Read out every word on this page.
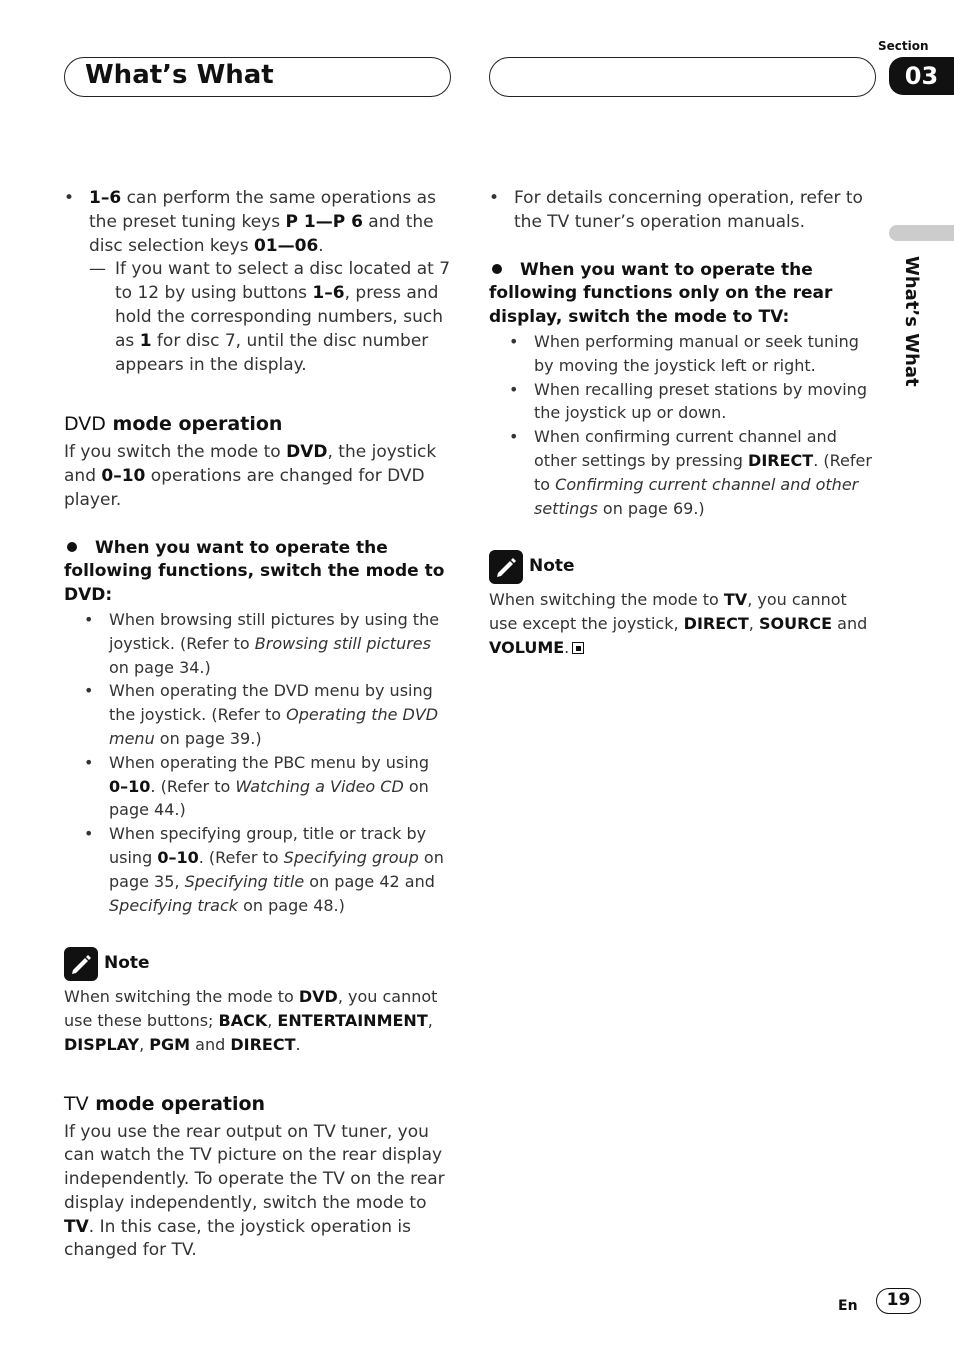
What’s What
Section
03
What’s What

• 1–6 can perform the same operations as the preset tuning keys P 1—P 6 and the disc selection keys 01—06.

— If you want to select a disc located at 7 to 12 by using buttons 1–6, press and hold the corresponding numbers, such as 1 for disc 7, until the disc number appears in the display.

DVD mode operation

If you switch the mode to DVD, the joystick and 0–10 operations are changed for DVD player.

When you want to operate the following functions, switch the mode to DVD:

• When browsing still pictures by using the joystick. (Refer to Browsing still pictures on page 34.)

• When operating the DVD menu by using the joystick. (Refer to Operating the DVD menu on page 39.)

• When operating the PBC menu by using 0–10. (Refer to Watching a Video CD on page 44.)

• When specifying group, title or track by using 0–10. (Refer to Specifying group on page 35, Specifying title on page 42 and Specifying track on page 48.)

Note

When switching the mode to DVD, you cannot use these buttons; BACK, ENTERTAINMENT, DISPLAY, PGM and DIRECT.

TV mode operation

If you use the rear output on TV tuner, you can watch the TV picture on the rear display independently. To operate the TV on the rear display independently, switch the mode to TV. In this case, the joystick operation is changed for TV.

• For details concerning operation, refer to the TV tuner’s operation manuals.

When you want to operate the following functions only on the rear display, switch the mode to TV:

• When performing manual or seek tuning by moving the joystick left or right.

• When recalling preset stations by moving the joystick up or down.

• When confirming current channel and other settings by pressing DIRECT. (Refer to Confirming current channel and other settings on page 69.)

Note

When switching the mode to TV, you cannot use except the joystick, DIRECT, SOURCE and VOLUME.

En	19
